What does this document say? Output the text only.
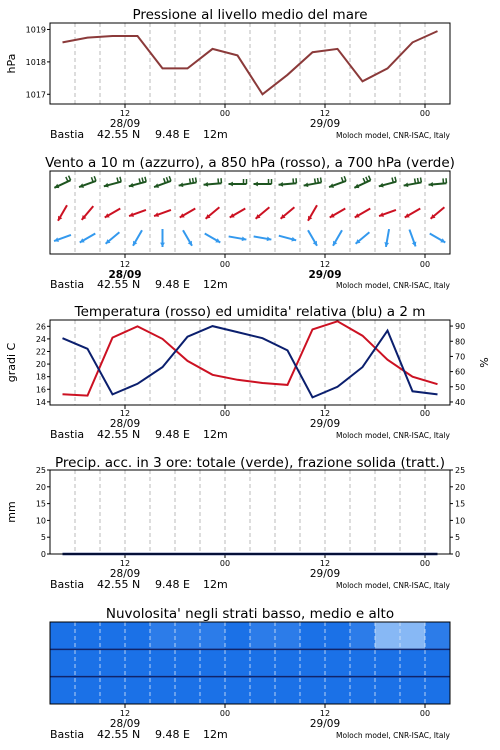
Pressione al livello medio del mare
12	00	12	00
28/09	29/09
Bastia 42.55 N 9.48 E 12m	Moloch model, CNR-ISAC, Italy
1017
1018
1019
hPa
Vento a 10 m (azzurro), a 850 hPa (rosso), a 700 hPa (verde)
12	00	12	00
28/09	29/09
Bastia 42.55 N 9.48 E 12m	Moloch model, CNR-ISAC, Italy
Temperatura (rosso) ed umidita' relativa (blu) a 2 m
12	00	12	00
28/09	29/09
Bastia 42.55 N 9.48 E 12m	Moloch model, CNR-ISAC, Italy
14
16
18
20
22
24
26
40
50
60
70
80
90
gradi C	%
Precip. acc. in 3 ore: totale (verde), frazione solida (tratt.)
12	00	12	00
28/09	29/09
Bastia 42.55 N 9.48 E 12m	Moloch model, CNR-ISAC, Italy
0
5
10
15
20
25
0
5
10
15
20
25
mm
Nuvolosita' negli strati basso, medio e alto
12	00	12	00
28/09	29/09
Bastia 42.55 N 9.48 E 12m	Moloch model, CNR-ISAC, Italy
